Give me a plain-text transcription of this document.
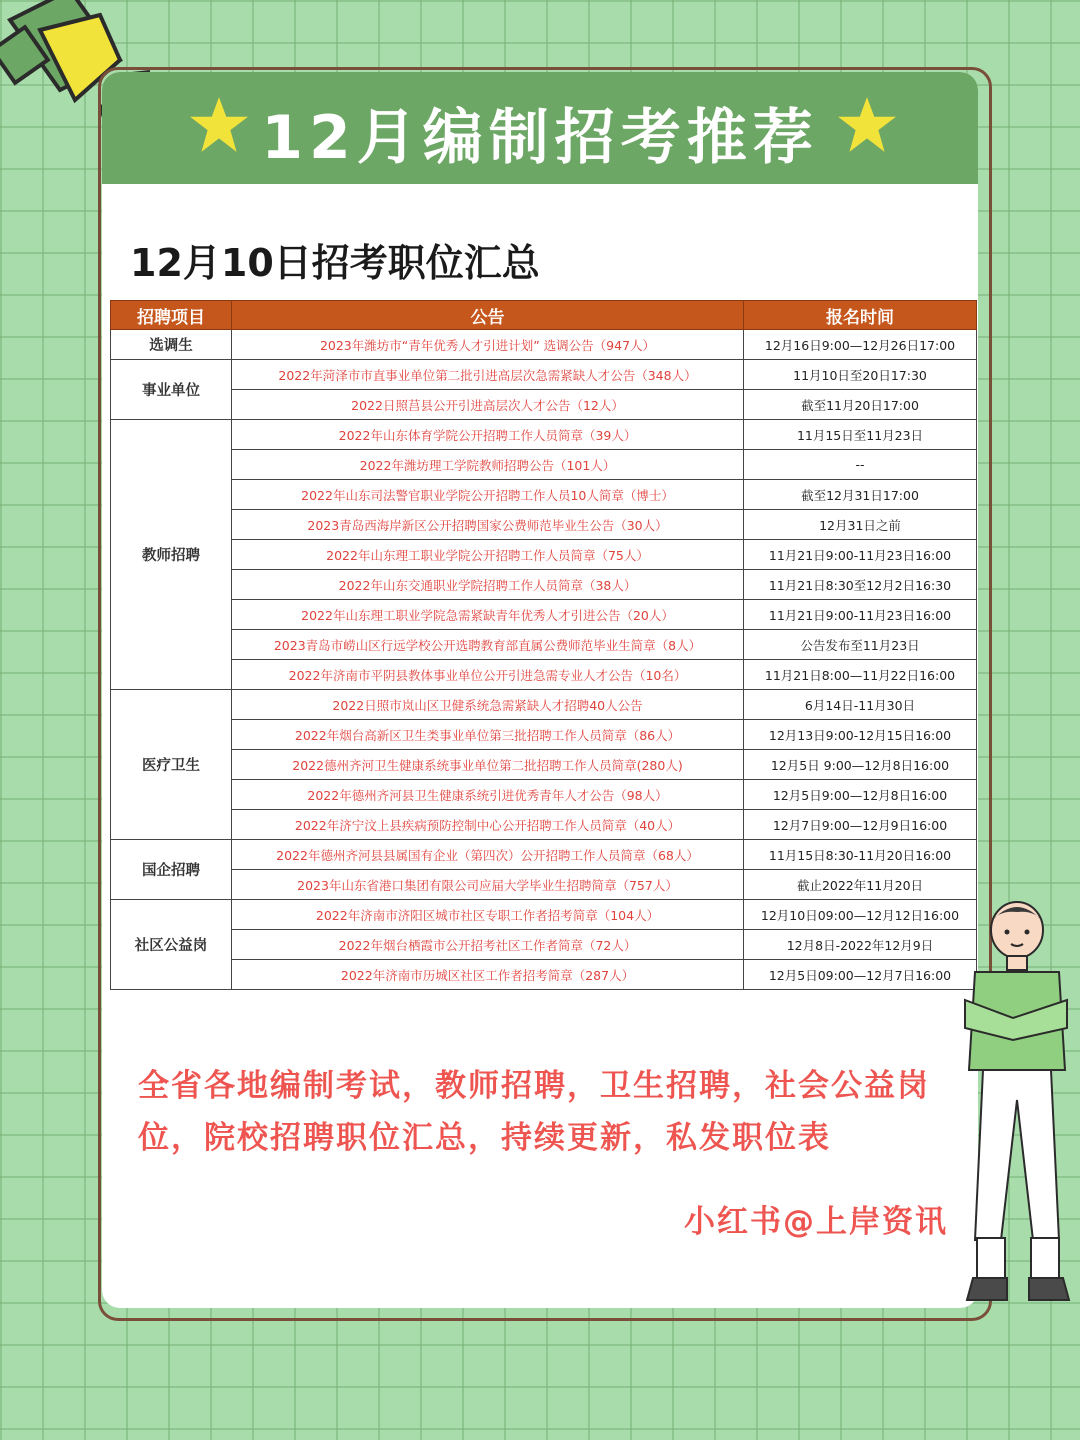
12月编制招考推荐
12月10日招考职位汇总
招聘项目	公告	报名时间
选调生	2023年潍坊市“青年优秀人才引进计划” 选调公告（947人）	12月16日9:00—12月26日17:00
事业单位	2022年菏泽市市直事业单位第二批引进高层次急需紧缺人才公告（348人）	11月10日至20日17:30
	2022日照莒县公开引进高层次人才公告（12人）	截至11月20日17:00
教师招聘	2022年山东体育学院公开招聘工作人员简章（39人）	11月15日至11月23日
	2022年潍坊理工学院教师招聘公告（101人）	--
	2022年山东司法警官职业学院公开招聘工作人员10人简章（博士）	截至12月31日17:00
	2023青岛西海岸新区公开招聘国家公费师范毕业生公告（30人）	12月31日之前
	2022年山东理工职业学院公开招聘工作人员简章（75人）	11月21日9:00-11月23日16:00
	2022年山东交通职业学院招聘工作人员简章（38人）	11月21日8:30至12月2日16:30
	2022年山东理工职业学院急需紧缺青年优秀人才引进公告（20人）	11月21日9:00-11月23日16:00
	2023青岛市崂山区行远学校公开选聘教育部直属公费师范毕业生简章（8人）	公告发布至11月23日
	2022年济南市平阴县教体事业单位公开引进急需专业人才公告（10名）	11月21日8:00—11月22日16:00
医疗卫生	2022日照市岚山区卫健系统急需紧缺人才招聘40人公告	6月14日-11月30日
	2022年烟台高新区卫生类事业单位第三批招聘工作人员简章（86人）	12月13日9:00-12月15日16:00
	2022德州齐河卫生健康系统事业单位第二批招聘工作人员简章(280人)	12月5日 9:00—12月8日16:00
	2022年德州齐河县卫生健康系统引进优秀青年人才公告（98人）	12月5日9:00—12月8日16:00
	2022年济宁汶上县疾病预防控制中心公开招聘工作人员简章（40人）	12月7日9:00—12月9日16:00
国企招聘	2022年德州齐河县县属国有企业（第四次）公开招聘工作人员简章（68人）	11月15日8:30-11月20日16:00
	2023年山东省港口集团有限公司应届大学毕业生招聘简章（757人）	截止2022年11月20日
社区公益岗	2022年济南市济阳区城市社区专职工作者招考简章（104人）	12月10日09:00—12月12日16:00
	2022年烟台栖霞市公开招考社区工作者简章（72人）	12月8日-2022年12月9日
	2022年济南市历城区社区工作者招考简章（287人）	12月5日09:00—12月7日16:00
全省各地编制考试，教师招聘，卫生招聘，社会公益岗位，院校招聘职位汇总，持续更新，私发职位表
小红书@上岸资讯
